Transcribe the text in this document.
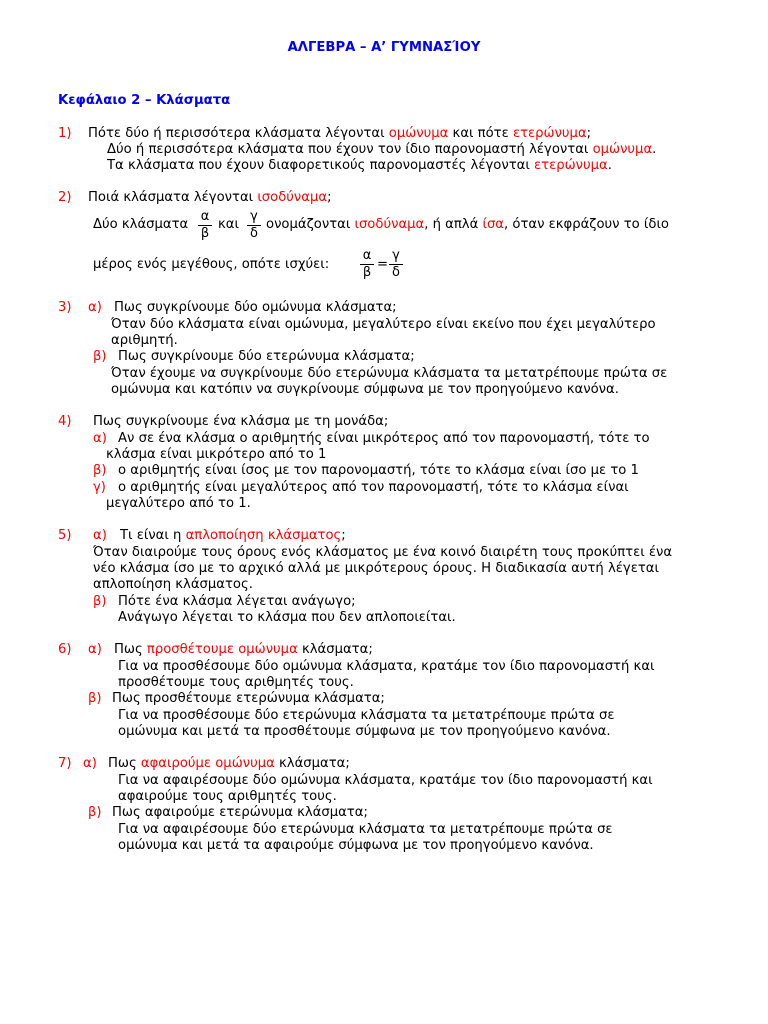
ΑΛΓΕΒΡΑ – Α’ ΓΥΜΝΑΣΊΟΥ
Κεφάλαιο 2 – Κλάσματα
1) Πότε δύο ή περισσότερα κλάσματα λέγονται ομώνυμα και πότε ετερώνυμα;
Δύο ή περισσότερα κλάσματα που έχουν τον ίδιο παρονομαστή λέγονται ομώνυμα.
Τα κλάσματα που έχουν διαφορετικούς παρονομαστές λέγονται ετερώνυμα.
2) Ποιά κλάσματα λέγονται ισοδύναμα;
Δύο κλάσματα
α
β
και
γ
δ
ονομάζονται ισοδύναμα, ή απλά ίσα, όταν εκφράζουν το ίδιο
μέρος ενός μεγέθους, οπότε ισχύει:
α
β
=
γ
δ
3) α) Πως συγκρίνουμε δύο ομώνυμα κλάσματα;
Όταν δύο κλάσματα είναι ομώνυμα, μεγαλύτερο είναι εκείνο που έχει μεγαλύτερο
αριθμητή.
β) Πως συγκρίνουμε δύο ετερώνυμα κλάσματα;
Όταν έχουμε να συγκρίνουμε δύο ετερώνυμα κλάσματα τα μετατρέπουμε πρώτα σε
ομώνυμα και κατόπιν να συγκρίνουμε σύμφωνα με τον προηγούμενο κανόνα.
4) Πως συγκρίνουμε ένα κλάσμα με τη μονάδα;
α) Αν σε ένα κλάσμα ο αριθμητής είναι μικρότερος από τον παρονομαστή, τότε το
κλάσμα είναι μικρότερο από το 1
β) ο αριθμητής είναι ίσος με τον παρονομαστή, τότε το κλάσμα είναι ίσο με το 1
γ) ο αριθμητής είναι μεγαλύτερος από τον παρονομαστή, τότε το κλάσμα είναι
μεγαλύτερο από το 1.
5) α) Τι είναι η απλοποίηση κλάσματος;
Όταν διαιρούμε τους όρους ενός κλάσματος με ένα κοινό διαιρέτη τους προκύπτει ένα
νέο κλάσμα ίσο με το αρχικό αλλά με μικρότερους όρους. Η διαδικασία αυτή λέγεται
απλοποίηση κλάσματος.
β) Πότε ένα κλάσμα λέγεται ανάγωγο;
Ανάγωγο λέγεται το κλάσμα που δεν απλοποιείται.
6) α) Πως προσθέτουμε ομώνυμα κλάσματα;
Για να προσθέσουμε δύο ομώνυμα κλάσματα, κρατάμε τον ίδιο παρονομαστή και
προσθέτουμε τους αριθμητές τους.
β) Πως προσθέτουμε ετερώνυμα κλάσματα;
Για να προσθέσουμε δύο ετερώνυμα κλάσματα τα μετατρέπουμε πρώτα σε
ομώνυμα και μετά τα προσθέτουμε σύμφωνα με τον προηγούμενο κανόνα.
7) α) Πως αφαιρούμε ομώνυμα κλάσματα;
Για να αφαιρέσουμε δύο ομώνυμα κλάσματα, κρατάμε τον ίδιο παρονομαστή και
αφαιρούμε τους αριθμητές τους.
β) Πως αφαιρούμε ετερώνυμα κλάσματα;
Για να αφαιρέσουμε δύο ετερώνυμα κλάσματα τα μετατρέπουμε πρώτα σε
ομώνυμα και μετά τα αφαιρούμε σύμφωνα με τον προηγούμενο κανόνα.
